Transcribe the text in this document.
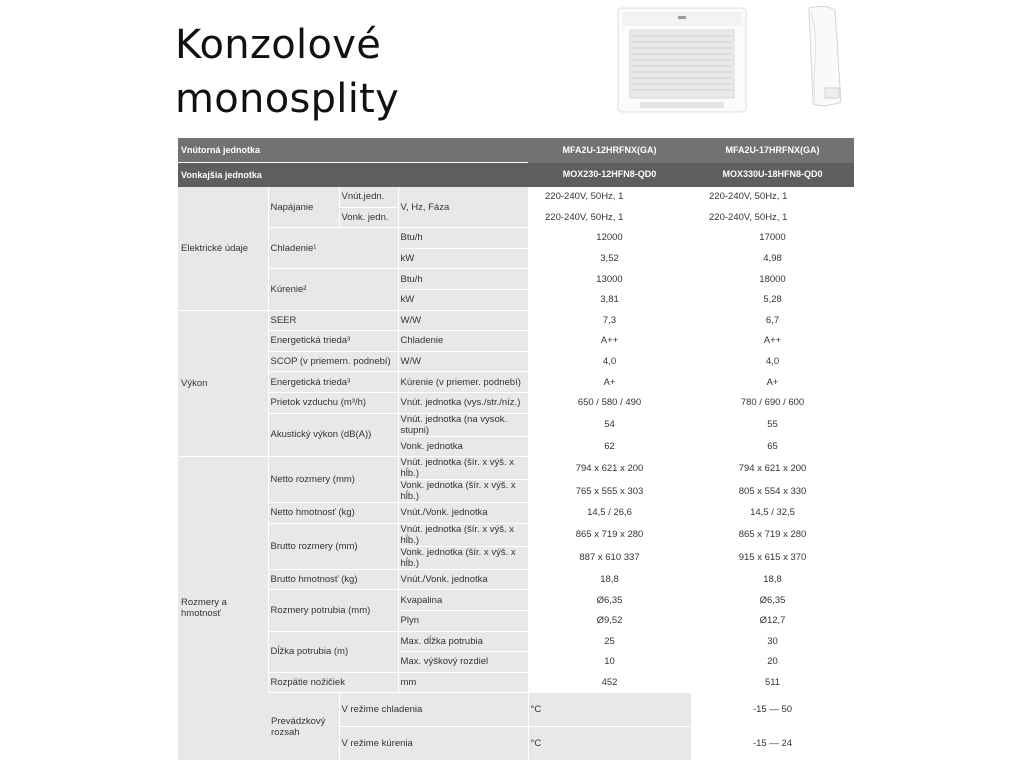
Konzolové
monosplity
Vnútorná jednotka				MFA2U-12HRFNX(GA)	MFA2U-17HRFNX(GA)	
Vonkajšia jednotka				MOX230-12HFN8-QD0	MOX330U-18HFN8-QD0	
Elektrické údaje	Napájanie	Vnút.jedn.	V, Hz, Fáza	220-240V, 50Hz, 1	220-240V, 50Hz, 1	
		Vonk. jedn.		220-240V, 50Hz, 1	220-240V, 50Hz, 1	
	Chladenie¹		Btu/h	12000	17000	
			kW	3,52	4,98	
	Kúrenie²		Btu/h	13000	18000	
			kW	3,81	5,28	
Výkon	SEER		W/W	7,3	6,7	
	Energetická trieda³		Chladenie	A++	A++	
	SCOP (v priemern. podnebí)		W/W	4,0	4,0	
	Energetická trieda³		Kúrenie (v priemer. podnebí)	A+	A+	
	Prietok vzduchu (m³/h)		Vnút. jednotka (vys./str./níz.)	650 / 580 / 490	780 / 690 / 600	
	Akustický výkon (dB(A))		Vnút. jednotka (na vysok. stupni)	54	55	

			Vonk. jednotka	62	65	
Rozmery a hmotnosť	Netto rozmery (mm)		Vnút. jednotka (šír. x výš. x hĺb.)	794 x 621 x 200	794 x 621 x 200	
			Vonk. jednotka (šír. x výš. x hĺb.)	765 x 555 x 303	805 x 554 x 330	
	Netto hmotnosť (kg)		Vnút./Vonk. jednotka	14,5 / 26,6	14,5 / 32,5	
	Brutto rozmery (mm)		Vnút. jednotka (šír. x výš. x hĺb.)	865 x 719 x 280	865 x 719 x 280	
			Vonk. jednotka (šír. x výš. x hĺb.)	887 x 610 337	915 x 615 x 370	
	Brutto hmotnosť (kg)		Vnút./Vonk. jednotka	18,8	18,8	
	Rozmery potrubia (mm)		Kvapalina	Ø6,35	Ø6,35	
			Plyn	Ø9,52	Ø12,7	
	Dĺžka potrubia (m)		Max. dĺžka potrubia	25	30	

			Max. výškový rozdiel	10	20	
	Rozpätie nožičiek		mm	452	511	
	Prevádzkový rozsah	V režime chladenia		°C	-15 — 50	
		V režime kúrenia		°C	-15 — 24	
